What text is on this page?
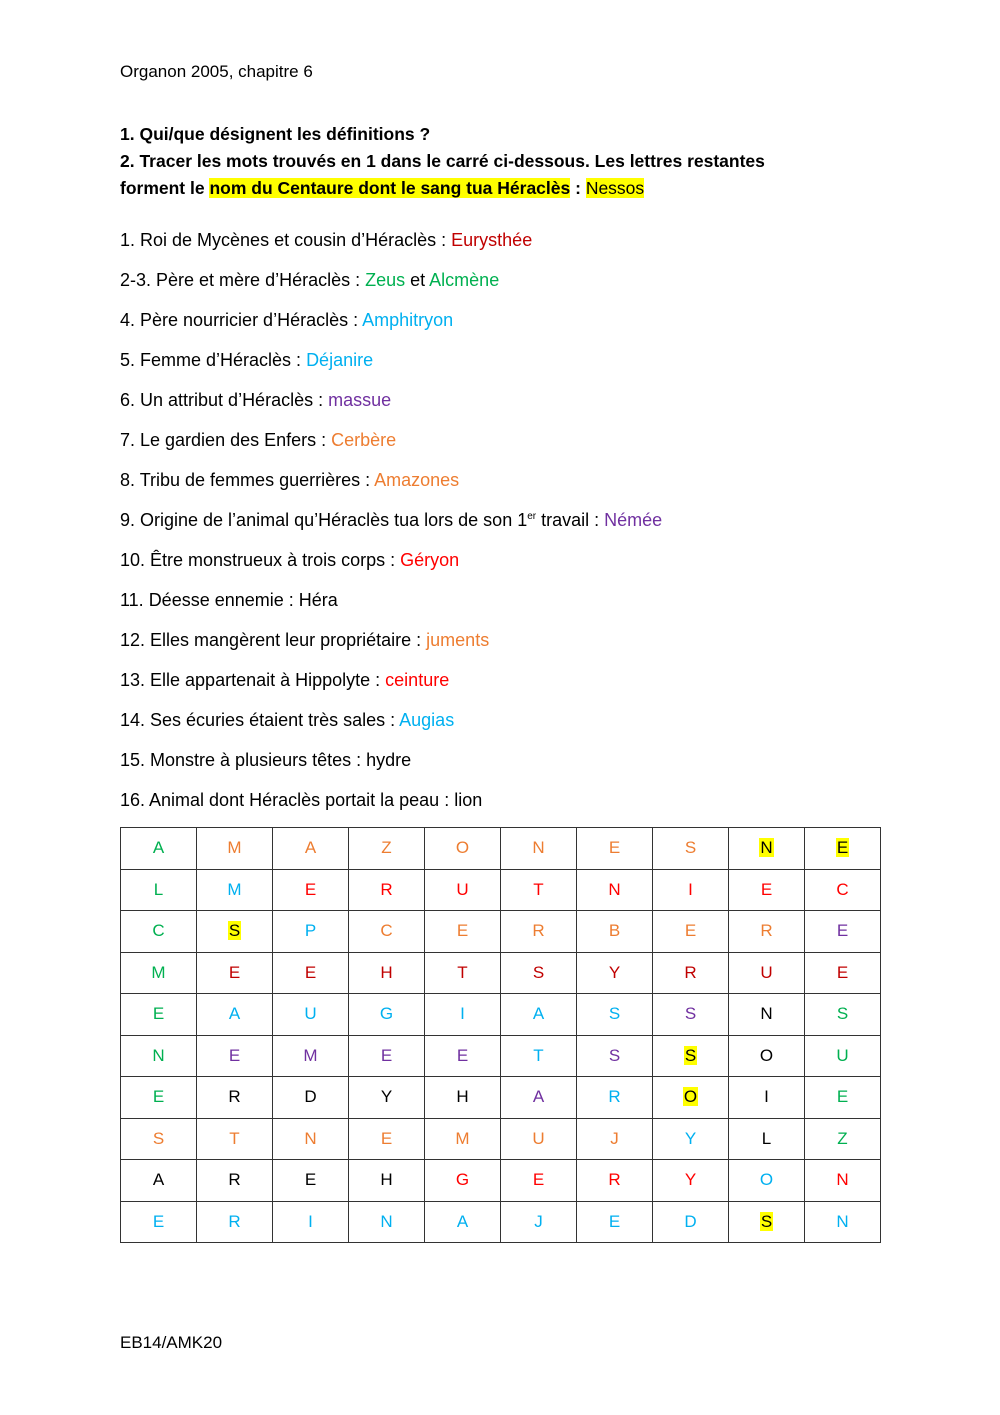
Organon 2005, chapitre 6
1. Qui/que désignent les définitions ?
2. Tracer les mots trouvés en 1 dans le carré ci-dessous. Les lettres restantes
forment le nom du Centaure dont le sang tua Héraclès : Nessos
1. Roi de Mycènes et cousin d’Héraclès : Eurysthée
2-3. Père et mère d’Héraclès : Zeus et Alcmène
4. Père nourricier d’Héraclès : Amphitryon
5. Femme d’Héraclès : Déjanire
6. Un attribut d’Héraclès : massue
7. Le gardien des Enfers : Cerbère
8. Tribu de femmes guerrières : Amazones
9. Origine de l’animal qu’Héraclès tua lors de son 1er travail : Némée
10. Être monstrueux à trois corps : Géryon
11. Déesse ennemie : Héra
12. Elles mangèrent leur propriétaire : juments
13. Elle appartenait à Hippolyte : ceinture
14. Ses écuries étaient très sales : Augias
15. Monstre à plusieurs têtes : hydre
16. Animal dont Héraclès portait la peau : lion
A	M	A	Z	O	N	E	S	N	E
L	M	E	R	U	T	N	I	E	C
C	S	P	C	E	R	B	E	R	E
M	E	E	H	T	S	Y	R	U	E
E	A	U	G	I	A	S	S	N	S
N	E	M	E	E	T	S	S	O	U
E	R	D	Y	H	A	R	O	I	E
S	T	N	E	M	U	J	Y	L	Z
A	R	E	H	G	E	R	Y	O	N
E	R	I	N	A	J	E	D	S	N
EB14/AMK20
